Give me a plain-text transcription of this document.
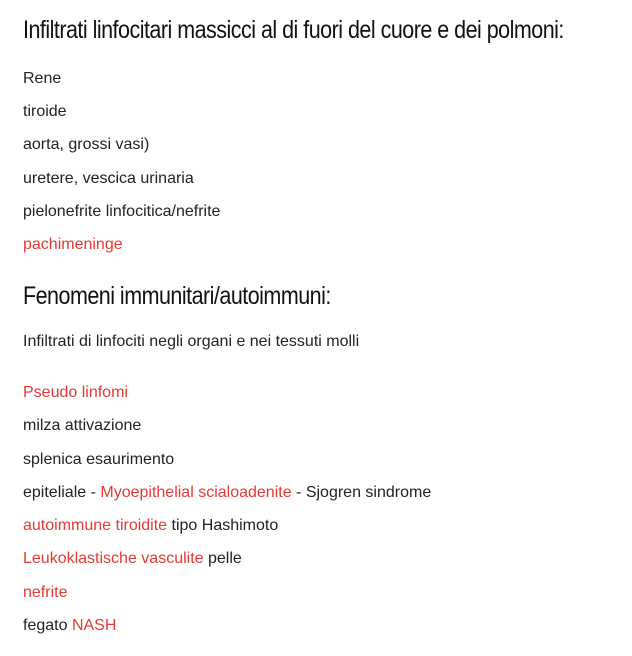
Infiltrati linfocitari massicci al di fuori del cuore e dei polmoni:
Rene
tiroide
aorta, grossi vasi)
uretere, vescica urinaria
pielonefrite linfocitica/nefrite
pachimeninge
Fenomeni immunitari/autoimmuni:
Infiltrati di linfociti negli organi e nei tessuti molli
Pseudo linfomi
milza attivazione
splenica esaurimento
epiteliale - Myoepithelial scialoadenite - Sjogren sindrome
autoimmune tiroidite tipo Hashimoto
Leukoklastische vasculite pelle
nefrite
fegato NASH
